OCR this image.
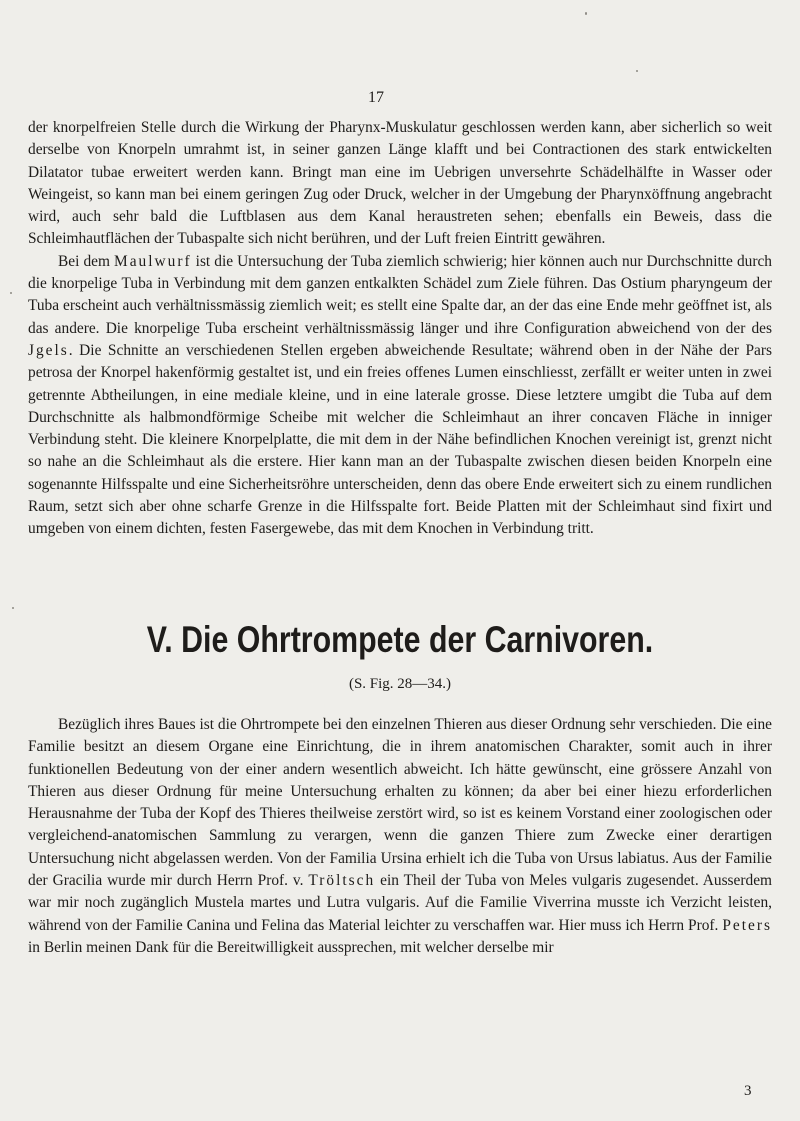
17

der knorpelfreien Stelle durch die Wirkung der Pharynx-Muskulatur geschlossen werden kann, aber sicherlich so weit derselbe von Knorpeln umrahmt ist, in seiner ganzen Länge klafft und bei Contractionen des stark entwickelten Dilatator tubae erweitert werden kann. Bringt man eine im Uebrigen unversehrte Schädelhälfte in Wasser oder Weingeist, so kann man bei einem geringen Zug oder Druck, welcher in der Umgebung der Pharynxöffnung angebracht wird, auch sehr bald die Luftblasen aus dem Kanal heraustreten sehen; ebenfalls ein Beweis, dass die Schleimhautflächen der Tubaspalte sich nicht berühren, und der Luft freien Eintritt gewähren.

Bei dem Maulwurf ist die Untersuchung der Tuba ziemlich schwierig; hier können auch nur Durchschnitte durch die knorpelige Tuba in Verbindung mit dem ganzen entkalkten Schädel zum Ziele führen. Das Ostium pharyngeum der Tuba erscheint auch verhältnissmässig ziemlich weit; es stellt eine Spalte dar, an der das eine Ende mehr geöffnet ist, als das andere. Die knorpelige Tuba erscheint verhältnissmässig länger und ihre Configuration abweichend von der des Jgels. Die Schnitte an verschiedenen Stellen ergeben abweichende Resultate; während oben in der Nähe der Pars petrosa der Knorpel hakenförmig gestaltet ist, und ein freies offenes Lumen einschliesst, zerfällt er weiter unten in zwei getrennte Abtheilungen, in eine mediale kleine, und in eine laterale grosse. Diese letztere umgibt die Tuba auf dem Durchschnitte als halbmondförmige Scheibe mit welcher die Schleimhaut an ihrer concaven Fläche in inniger Verbindung steht. Die kleinere Knorpelplatte, die mit dem in der Nähe befindlichen Knochen vereinigt ist, grenzt nicht so nahe an die Schleimhaut als die erstere. Hier kann man an der Tubaspalte zwischen diesen beiden Knorpeln eine sogenannte Hilfsspalte und eine Sicherheitsröhre unterscheiden, denn das obere Ende erweitert sich zu einem rundlichen Raum, setzt sich aber ohne scharfe Grenze in die Hilfsspalte fort. Beide Platten mit der Schleimhaut sind fixirt und umgeben von einem dichten, festen Fasergewebe, das mit dem Knochen in Verbindung tritt.

V. Die Ohrtrompete der Carnivoren.
(S. Fig. 28—34.)

Bezüglich ihres Baues ist die Ohrtrompete bei den einzelnen Thieren aus dieser Ordnung sehr verschieden. Die eine Familie besitzt an diesem Organe eine Einrichtung, die in ihrem anatomischen Charakter, somit auch in ihrer funktionellen Bedeutung von der einer andern wesentlich abweicht. Ich hätte gewünscht, eine grössere Anzahl von Thieren aus dieser Ordnung für meine Untersuchung erhalten zu können; da aber bei einer hiezu erforderlichen Herausnahme der Tuba der Kopf des Thieres theilweise zerstört wird, so ist es keinem Vorstand einer zoologischen oder vergleichend-anatomischen Sammlung zu verargen, wenn die ganzen Thiere zum Zwecke einer derartigen Untersuchung nicht abgelassen werden. Von der Familia Ursina erhielt ich die Tuba von Ursus labiatus. Aus der Familie der Gracilia wurde mir durch Herrn Prof. v. Tröltsch ein Theil der Tuba von Meles vulgaris zugesendet. Ausserdem war mir noch zugänglich Mustela martes und Lutra vulgaris. Auf die Familie Viverrina musste ich Verzicht leisten, während von der Familie Canina und Felina das Material leichter zu verschaffen war. Hier muss ich Herrn Prof. Peters in Berlin meinen Dank für die Bereitwilligkeit aussprechen, mit welcher derselbe mir

3
